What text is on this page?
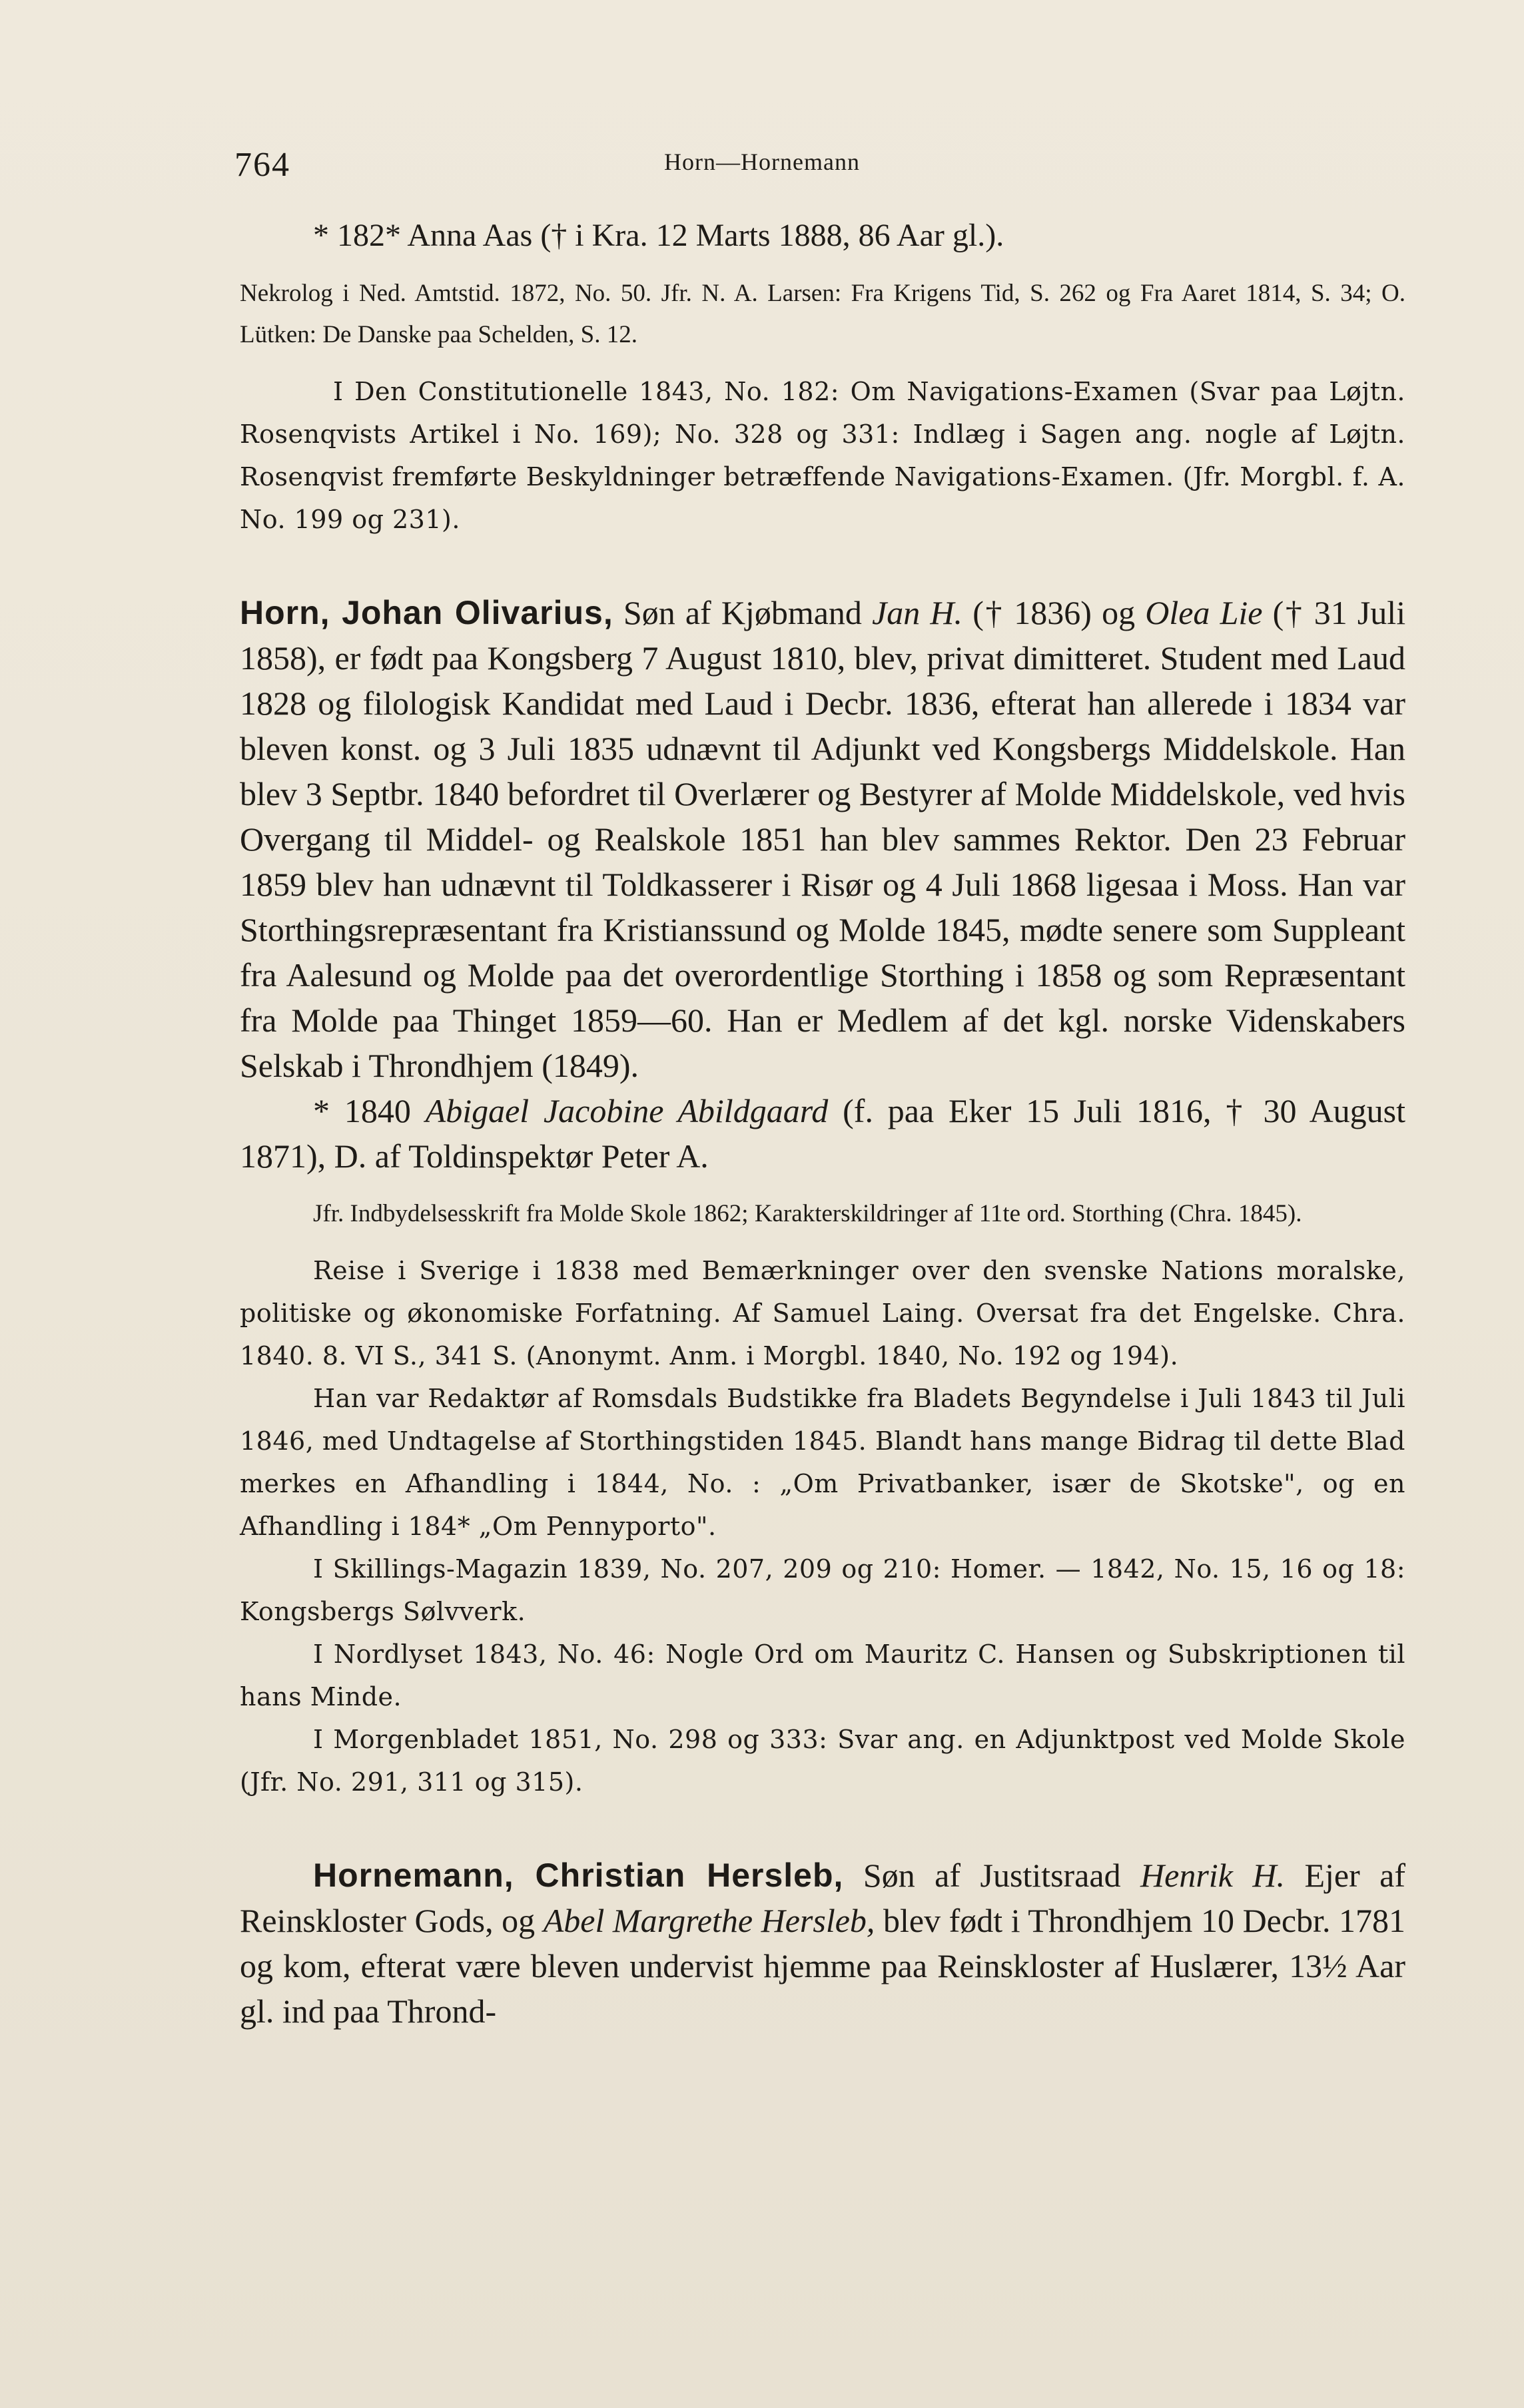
764	Horn—Hornemann

* 182* Anna Aas († i Kra. 12 Marts 1888, 86 Aar gl.).

Nekrolog i Ned. Amtstid. 1872, No. 50. Jfr. N. A. Larsen: Fra Krigens Tid, S. 262 og Fra Aaret 1814, S. 34; O. Lütken: De Danske paa Schelden, S. 12.

I Den Constitutionelle 1843, No. 182: Om Navigations-Examen (Svar paa Løjtn. Rosenqvists Artikel i No. 169); No. 328 og 331: Indlæg i Sagen ang. nogle af Løjtn. Rosenqvist fremførte Beskyldninger betræffende Navigations-Examen. (Jfr. Morgbl. f. A. No. 199 og 231).

Horn, Johan Olivarius, Søn af Kjøbmand Jan H. († 1836) og Olea Lie († 31 Juli 1858), er født paa Kongsberg 7 August 1810, blev, privat dimitteret. Student med Laud 1828 og filologisk Kandidat med Laud i Decbr. 1836, efterat han allerede i 1834 var bleven konst. og 3 Juli 1835 udnævnt til Adjunkt ved Kongsbergs Middelskole. Han blev 3 Septbr. 1840 befordret til Overlærer og Bestyrer af Molde Middelskole, ved hvis Overgang til Middel- og Realskole 1851 han blev sammes Rektor. Den 23 Februar 1859 blev han udnævnt til Toldkasserer i Risør og 4 Juli 1868 ligesaa i Moss. Han var Storthingsrepræsentant fra Kristianssund og Molde 1845, mødte senere som Suppleant fra Aalesund og Molde paa det overordentlige Storthing i 1858 og som Repræsentant fra Molde paa Thinget 1859—60. Han er Medlem af det kgl. norske Videnskabers Selskab i Throndhjem (1849).

* 1840 Abigael Jacobine Abildgaard (f. paa Eker 15 Juli 1816, † 30 August 1871), D. af Toldinspektør Peter A.

Jfr. Indbydelsesskrift fra Molde Skole 1862; Karakterskildringer af 11te ord. Storthing (Chra. 1845).

Reise i Sverige i 1838 med Bemærkninger over den svenske Nations moralske, politiske og økonomiske Forfatning. Af Samuel Laing. Oversat fra det Engelske. Chra. 1840. 8. VI S., 341 S. (Anonymt. Anm. i Morgbl. 1840, No. 192 og 194).

Han var Redaktør af Romsdals Budstikke fra Bladets Begyndelse i Juli 1843 til Juli 1846, med Undtagelse af Storthingstiden 1845. Blandt hans mange Bidrag til dette Blad merkes en Afhandling i 1844, No. : „Om Privatbanker, især de Skotske", og en Afhandling i 184* „Om Pennyporto".

I Skillings-Magazin 1839, No. 207, 209 og 210: Homer. — 1842, No. 15, 16 og 18: Kongsbergs Sølvverk.

I Nordlyset 1843, No. 46: Nogle Ord om Mauritz C. Hansen og Subskriptionen til hans Minde.

I Morgenbladet 1851, No. 298 og 333: Svar ang. en Adjunktpost ved Molde Skole (Jfr. No. 291, 311 og 315).

Hornemann, Christian Hersleb, Søn af Justitsraad Henrik H. Ejer af Reinskloster Gods, og Abel Margrethe Hersleb, blev født i Throndhjem 10 Decbr. 1781 og kom, efterat være bleven undervist hjemme paa Reinskloster af Huslærer, 13½ Aar gl. ind paa Thrond-
